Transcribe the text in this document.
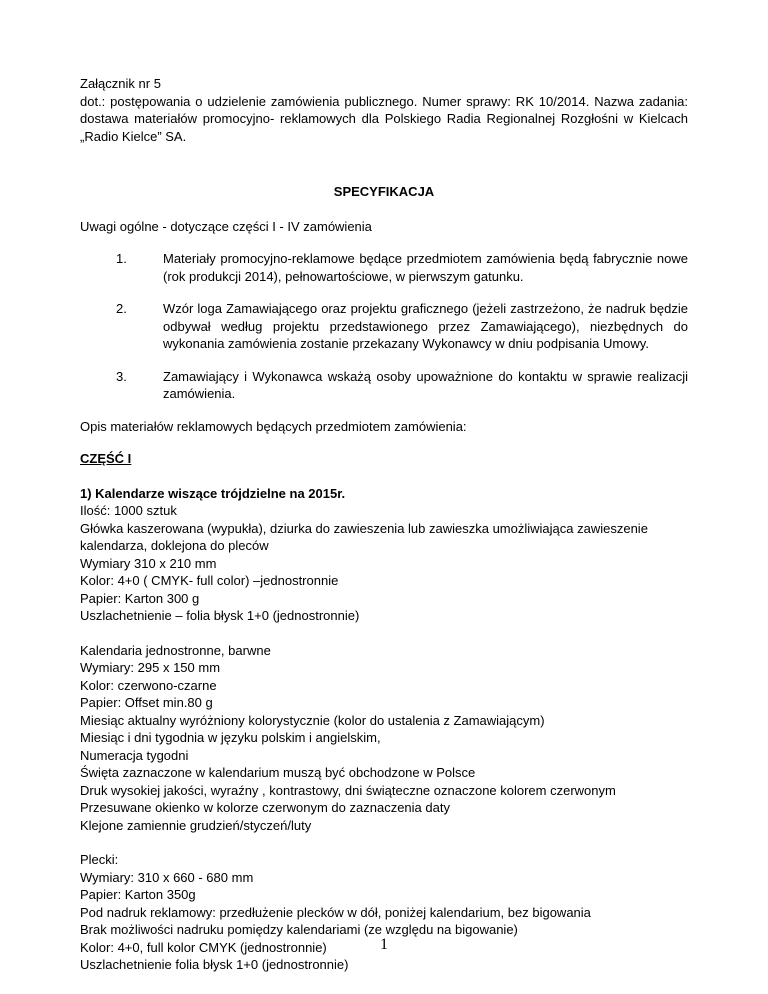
Załącznik nr 5

dot.: postępowania o udzielenie zamówienia publicznego. Numer sprawy: RK 10/2014. Nazwa zadania: dostawa materiałów promocyjno- reklamowych dla Polskiego Radia Regionalnej Rozgłośni w Kielcach „Radio Kielce” SA.

SPECYFIKACJA

Uwagi ogólne - dotyczące części I - IV zamówienia

1.	Materiały promocyjno-reklamowe będące przedmiotem zamówienia będą fabrycznie nowe (rok produkcji 2014), pełnowartościowe, w pierwszym gatunku.
2.	Wzór loga Zamawiającego oraz projektu graficznego (jeżeli zastrzeżono, że nadruk będzie odbywał według projektu przedstawionego przez Zamawiającego), niezbędnych do wykonania zamówienia zostanie przekazany Wykonawcy w dniu podpisania Umowy.
3.	Zamawiający i Wykonawca wskażą osoby upoważnione do kontaktu w sprawie realizacji zamówienia.

Opis materiałów reklamowych będących przedmiotem zamówienia:

CZĘŚĆ I

1) Kalendarze wiszące trójdzielne na 2015r.

Ilość: 1000 sztuk

Główka kaszerowana (wypukła), dziurka do zawieszenia lub zawieszka umożliwiająca zawieszenie kalendarza, doklejona do pleców

Wymiary 310 x 210 mm

Kolor: 4+0 ( CMYK- full color) –jednostronnie

Papier: Karton 300 g

Uszlachetnienie – folia błysk 1+0 (jednostronnie)

Kalendaria jednostronne, barwne

Wymiary: 295 x 150 mm

Kolor: czerwono-czarne

Papier: Offset min.80 g

Miesiąc aktualny wyróżniony kolorystycznie (kolor do ustalenia z Zamawiającym)

Miesiąc i dni tygodnia w języku polskim i angielskim,

Numeracja tygodni

Święta zaznaczone w kalendarium muszą być obchodzone w Polsce

Druk wysokiej jakości, wyraźny , kontrastowy, dni świąteczne oznaczone kolorem czerwonym

Przesuwane okienko w kolorze czerwonym do zaznaczenia daty

Klejone zamiennie grudzień/styczeń/luty

Plecki:

Wymiary: 310 x 660 - 680 mm

Papier: Karton 350g

Pod nadruk reklamowy: przedłużenie plecków w dół, poniżej kalendarium, bez bigowania

Brak możliwości nadruku pomiędzy kalendariami (ze względu na bigowanie)

Kolor: 4+0, full kolor CMYK (jednostronnie)

Uszlachetnienie folia błysk 1+0 (jednostronnie)

1
